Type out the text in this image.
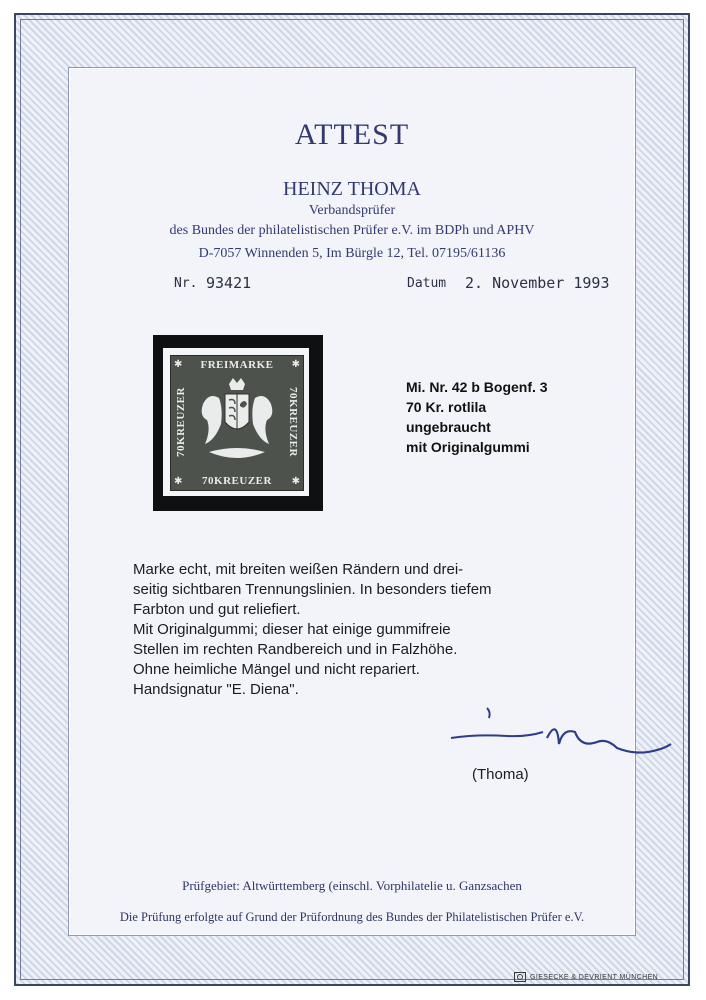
ATTEST
HEINZ THOMA
Verbandsprüfer
des Bundes der philatelistischen Prüfer e.V. im BDPh und APHV
D-7057 Winnenden 5, Im Bürgle 12, Tel. 07195/61136
Nr. 93421	Datum 2. November 1993
FREIMARKE
70KREUZER
70KREUZER	70KREUZER
✱	✱
✱	✱
Mi. Nr. 42 b Bogenf. 3
70 Kr. rotlila
ungebraucht
mit Originalgummi
Marke echt, mit breiten weißen Rändern und drei-
seitig sichtbaren Trennungslinien. In besonders tiefem
Farbton und gut reliefiert.
Mit Originalgummi; dieser hat einige gummifreie
Stellen im rechten Randbereich und in Falzhöhe.
Ohne heimliche Mängel und nicht repariert.
Handsignatur "E. Diena".
(Thoma)
Prüfgebiet: Altwürttemberg (einschl. Vorphilatelie u. Ganzsachen
Die Prüfung erfolgte auf Grund der Prüfordnung des Bundes der Philatelistischen Prüfer e.V.
GIESECKE & DEVRIENT MÜNCHEN
